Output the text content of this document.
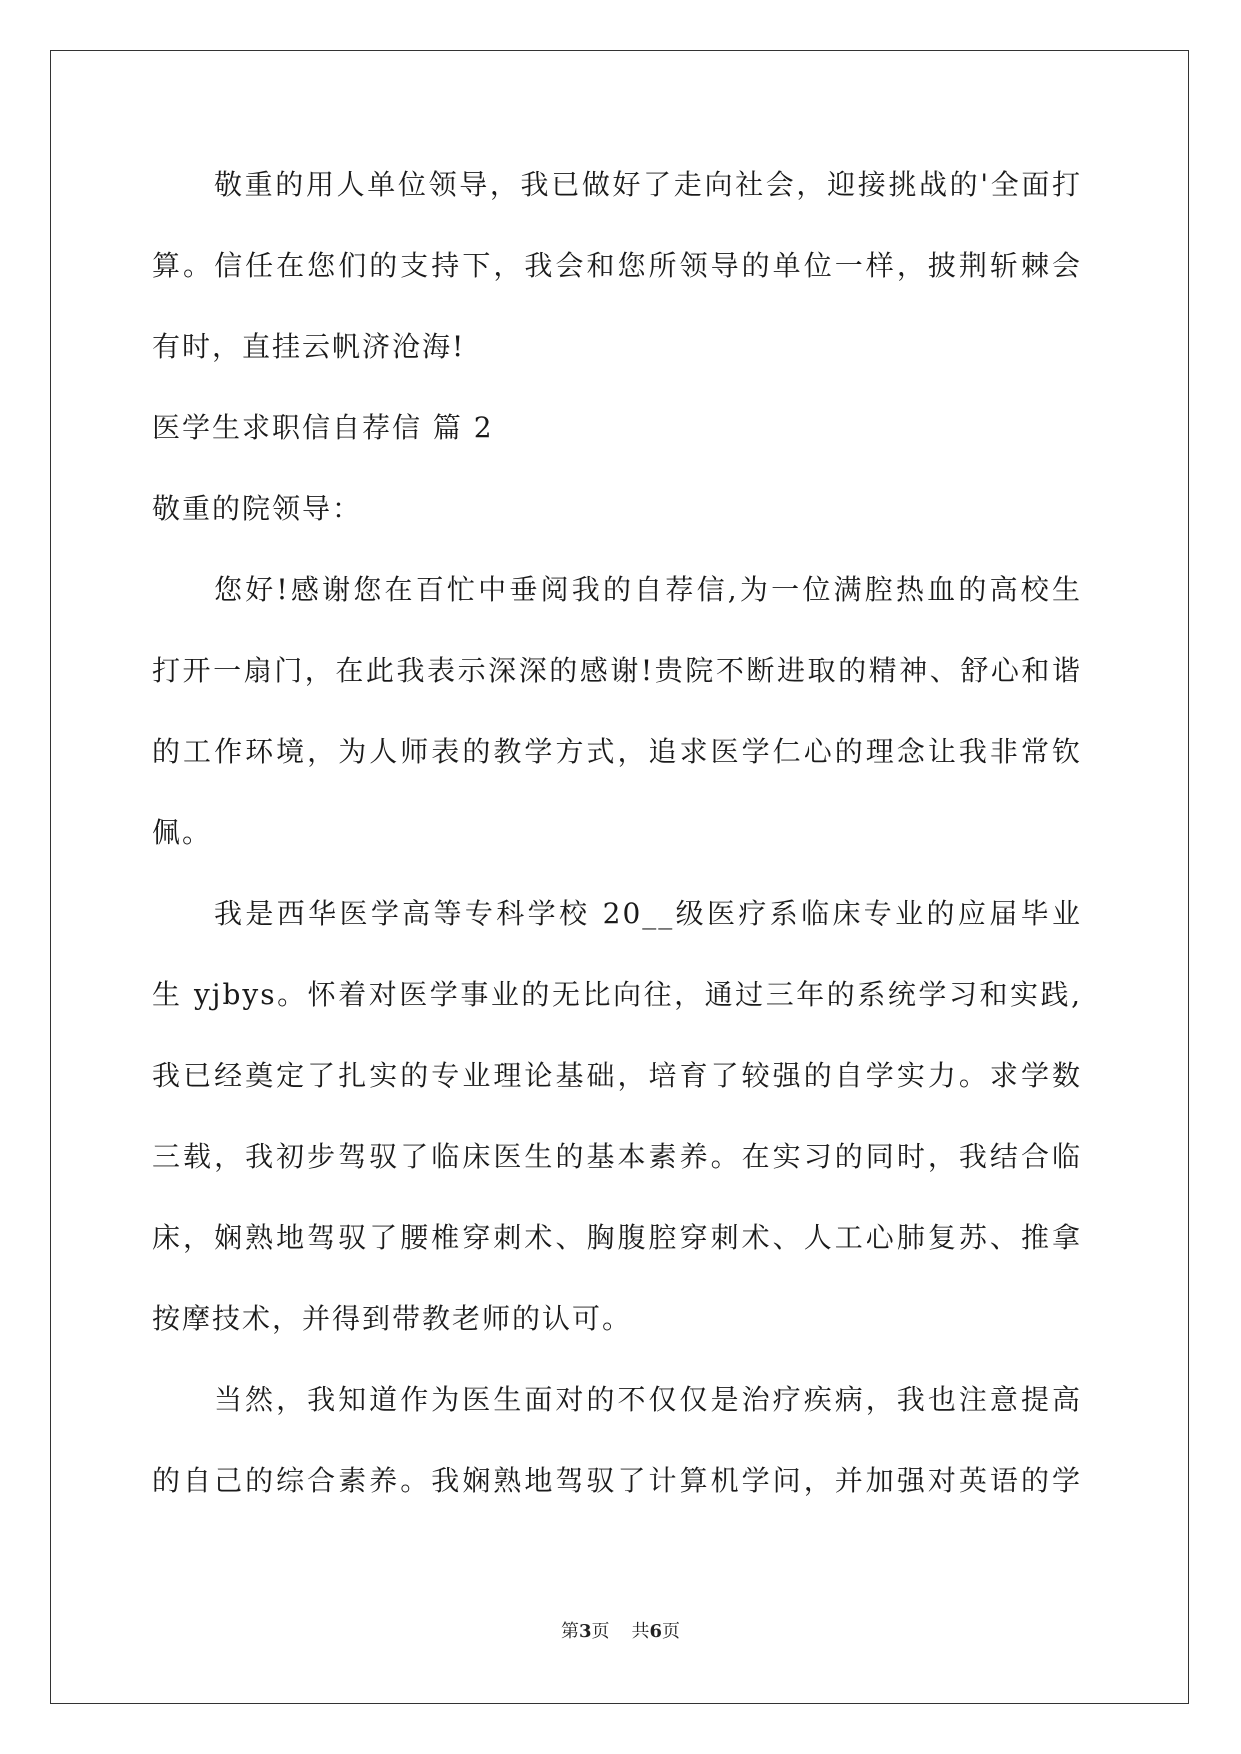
敬重的用人单位领导，我已做好了走向社会，迎接挑战的'全面打
算。信任在您们的支持下，我会和您所领导的单位一样，披荆斩棘会
有时，直挂云帆济沧海!
医学生求职信自荐信 篇 2
敬重的院领导：
您好!感谢您在百忙中垂阅我的自荐信,为一位满腔热血的高校生
打开一扇门，在此我表示深深的感谢!贵院不断进取的精神、舒心和谐
的工作环境，为人师表的教学方式，追求医学仁心的理念让我非常钦
佩。
我是西华医学高等专科学校 20__级医疗系临床专业的应届毕业
生 yjbys。怀着对医学事业的无比向往，通过三年的系统学习和实践,
我已经奠定了扎实的专业理论基础，培育了较强的自学实力。求学数
三载，我初步驾驭了临床医生的基本素养。在实习的同时，我结合临
床，娴熟地驾驭了腰椎穿刺术、胸腹腔穿刺术、人工心肺复苏、推拿
按摩技术，并得到带教老师的认可。
当然，我知道作为医生面对的不仅仅是治疗疾病，我也注意提高
的自己的综合素养。我娴熟地驾驭了计算机学问，并加强对英语的学
第3页 共6页
